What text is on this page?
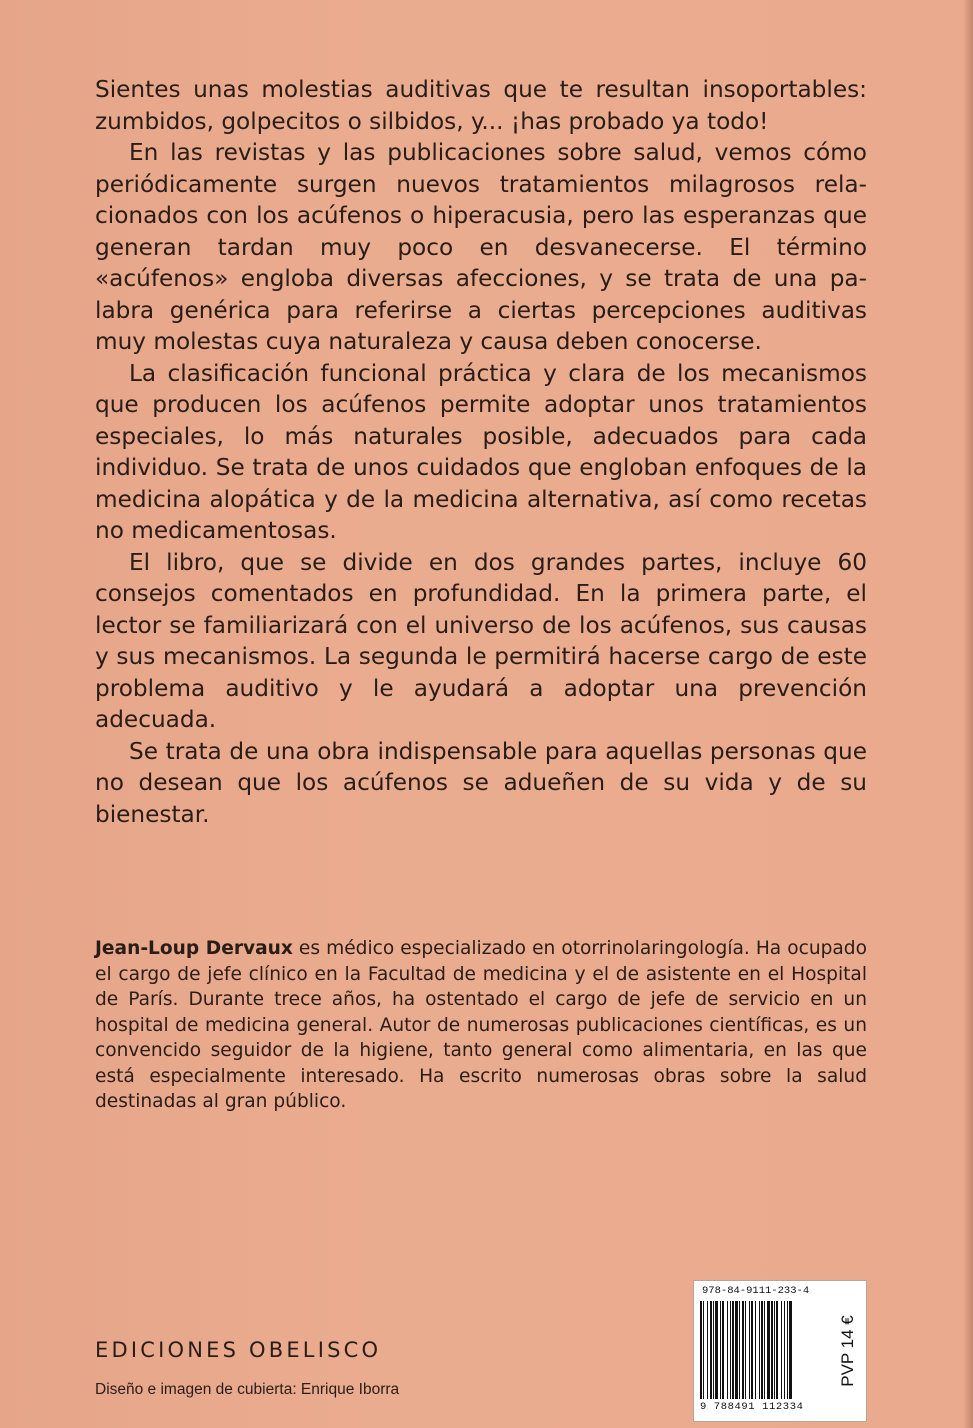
Sientes unas molestias auditivas que te resultan insoportables: zumbidos, golpecitos o silbidos, y... ¡has probado ya todo!

En las revistas y las publicaciones sobre salud, vemos cómo periódicamente surgen nuevos tratamientos milagrosos relacionados con los acúfenos o hiperacusia, pero las esperanzas que generan tardan muy poco en desvanecerse. El término «acúfenos» engloba diversas afecciones, y se trata de una palabra genérica para referirse a ciertas percepciones auditivas muy molestas cuya naturaleza y causa deben conocerse.

La clasificación funcional práctica y clara de los mecanismos que producen los acúfenos permite adoptar unos tratamientos especiales, lo más naturales posible, adecuados para cada individuo. Se trata de unos cuidados que engloban enfoques de la medicina alopática y de la medicina alternativa, así como recetas no medicamentosas.

El libro, que se divide en dos grandes partes, incluye 60 consejos comentados en profundidad. En la primera parte, el lector se familiarizará con el universo de los acúfenos, sus causas y sus mecanismos. La segunda le permitirá hacerse cargo de este problema auditivo y le ayudará a adoptar una prevención adecuada.

Se trata de una obra indispensable para aquellas personas que no desean que los acúfenos se adueñen de su vida y de su bienestar.

Jean-Loup Dervaux es médico especializado en otorrinolaringología. Ha ocupado el cargo de jefe clínico en la Facultad de medicina y el de asistente en el Hospital de París. Durante trece años, ha ostentado el cargo de jefe de servicio en un hospital de medicina general. Autor de numerosas publicaciones científicas, es un convencido seguidor de la higiene, tanto general como alimentaria, en las que está especialmente interesado. Ha escrito numerosas obras sobre la salud destinadas al gran público.
EDICIONES OBELISCO
Diseño e imagen de cubierta: Enrique Iborra
978-84-9111-233-4
9 788491 112334
PVP 14 €
